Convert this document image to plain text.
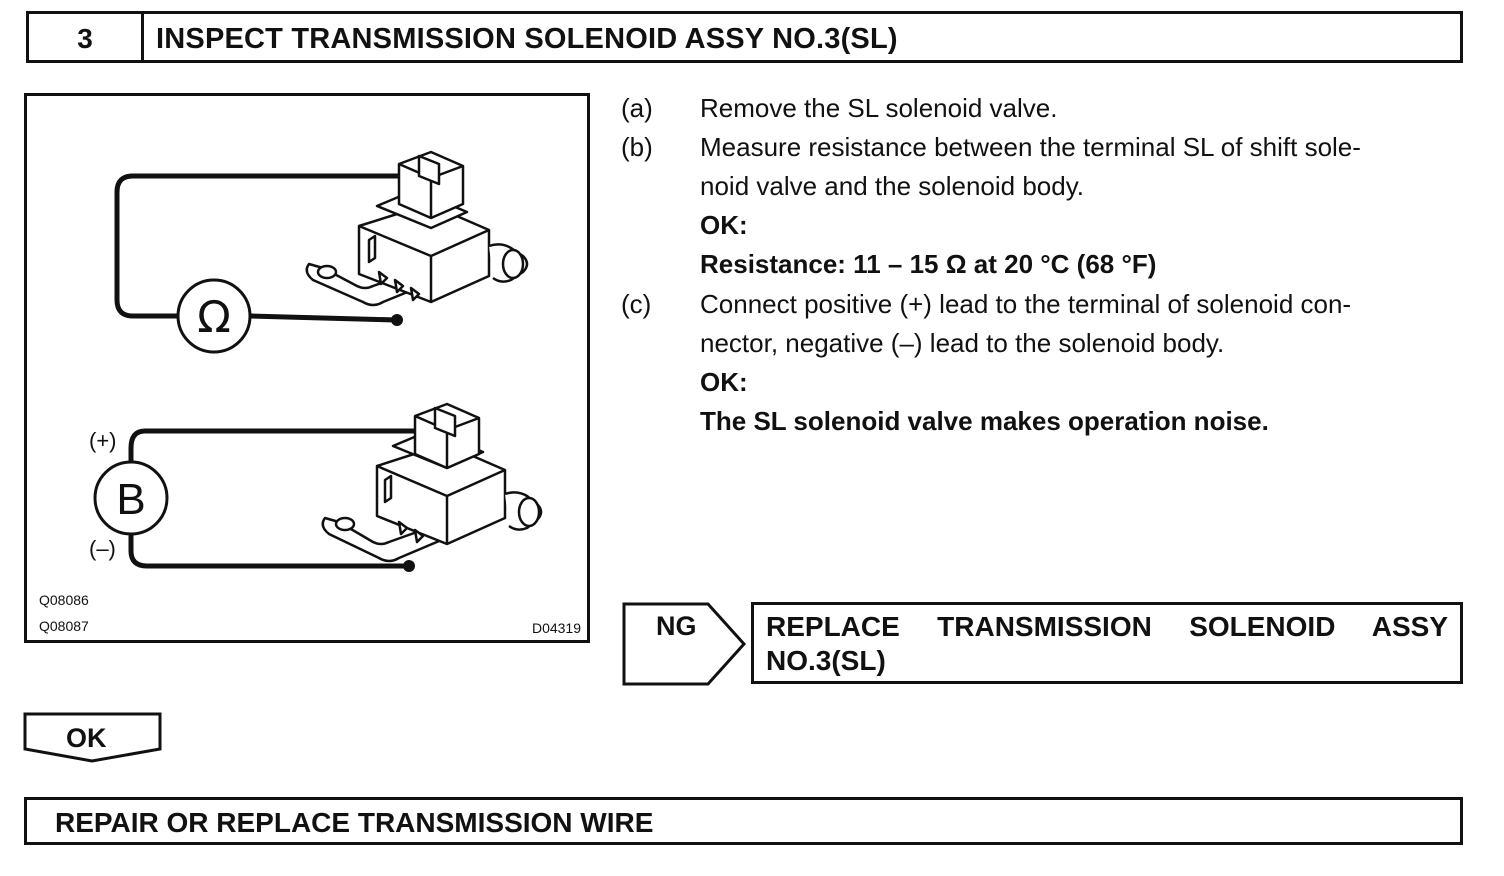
3	INSPECT TRANSMISSION SOLENOID ASSY NO.3(SL)
Ω
B
(+)
(–)
Q08086
Q08087	D04319
(a) Remove the SL solenoid valve.
(b) Measure resistance between the terminal SL of shift sole-
noid valve and the solenoid body.
OK:
Resistance: 11 – 15 Ω at 20 °C (68 °F)
(c) Connect positive (+) lead to the terminal of solenoid con-
nector, negative (–) lead to the solenoid body.
OK:
The SL solenoid valve makes operation noise.
NG REPLACE TRANSMISSION SOLENOID ASSY
NO.3(SL)
OK
REPAIR OR REPLACE TRANSMISSION WIRE
